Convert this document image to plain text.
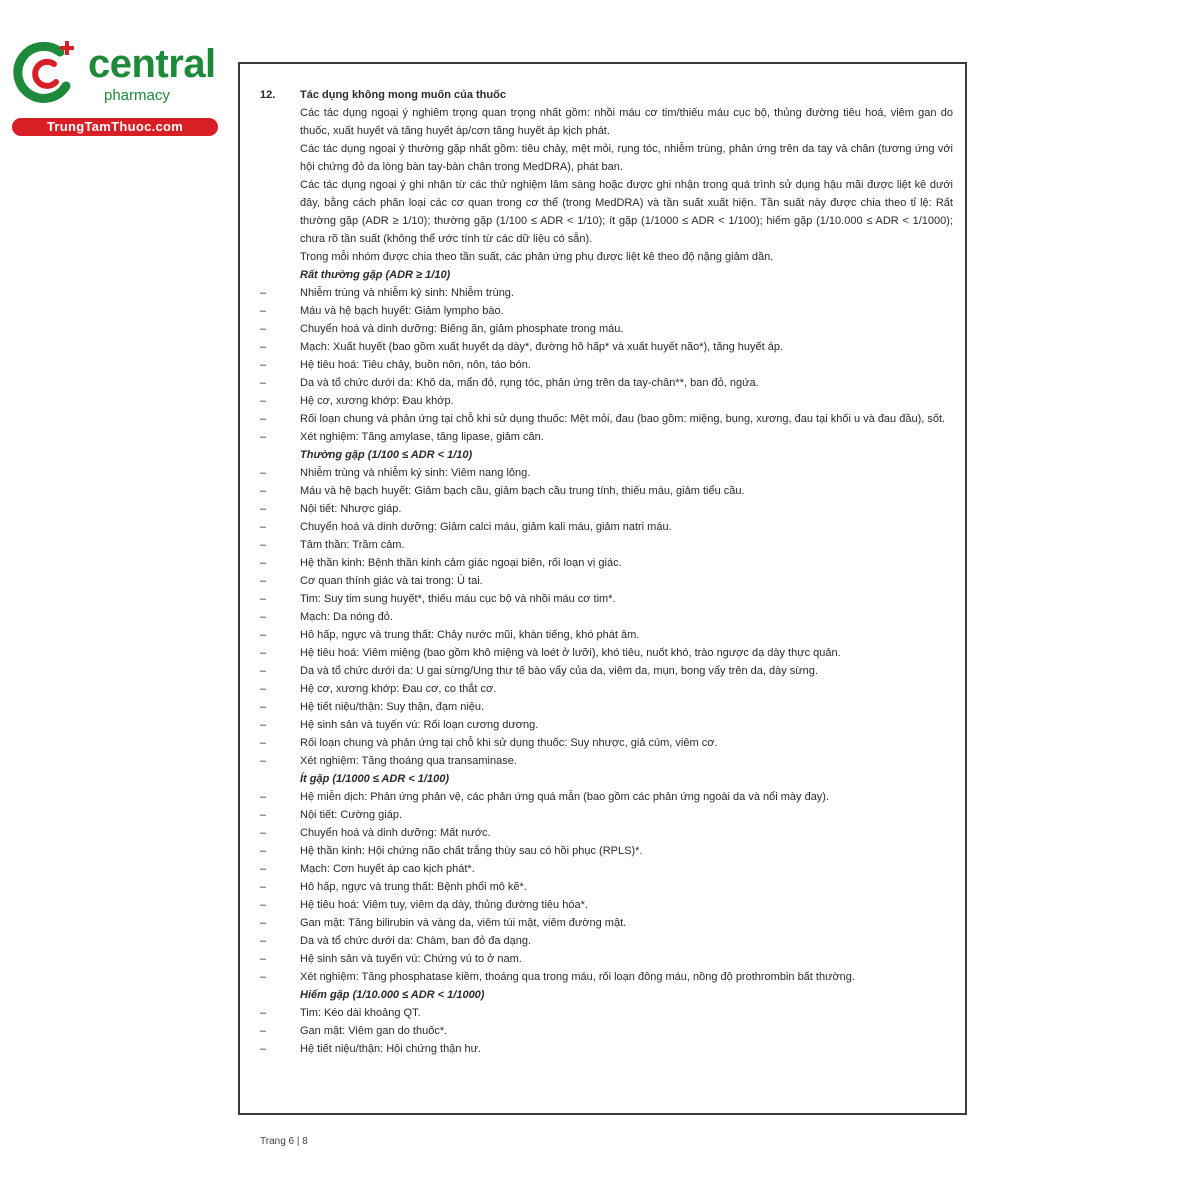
central
pharmacy
TrungTamThuoc.com
12. Tác dụng không mong muốn của thuốc
Các tác dụng ngoại ý nghiêm trọng quan trọng nhất gồm: nhồi máu cơ tim/thiếu máu cục bộ, thủng đường tiêu hoá, viêm gan do thuốc, xuất huyết và tăng huyết áp/cơn tăng huyết áp kịch phát.
Các tác dụng ngoại ý thường gặp nhất gồm: tiêu chảy, mệt mỏi, rụng tóc, nhiễm trùng, phản ứng trên da tay và chân (tương ứng với hội chứng đỏ da lòng bàn tay-bàn chân trong MedDRA), phát ban.
Các tác dụng ngoại ý ghi nhận từ các thử nghiệm lâm sàng hoặc được ghi nhận trong quá trình sử dụng hậu mãi được liệt kê dưới đây, bằng cách phân loại các cơ quan trong cơ thể (trong MedDRA) và tần suất xuất hiện. Tần suất này được chia theo tỉ lệ: Rất thường gặp (ADR ≥ 1/10); thường gặp (1/100 ≤ ADR < 1/10); ít gặp (1/1000 ≤ ADR < 1/100); hiếm gặp (1/10.000 ≤ ADR < 1/1000); chưa rõ tần suất (không thể ước tính từ các dữ liệu có sẵn).
Trong mỗi nhóm được chia theo tần suất, các phản ứng phụ được liệt kê theo độ nặng giảm dần.
Rất thường gặp (ADR ≥ 1/10)
–	Nhiễm trùng và nhiễm ký sinh: Nhiễm trùng.
–	Máu và hệ bạch huyết: Giảm lympho bào.
–	Chuyển hoá và dinh dưỡng: Biếng ăn, giảm phosphate trong máu.
–	Mạch: Xuất huyết (bao gồm xuất huyết dạ dày*, đường hô hấp* và xuất huyết não*), tăng huyết áp.
–	Hệ tiêu hoá: Tiêu chảy, buồn nôn, nôn, táo bón.
–	Da và tổ chức dưới da: Khô da, mẩn đỏ, rụng tóc, phản ứng trên da tay-chân**, ban đỏ, ngứa.
–	Hệ cơ, xương khớp: Đau khớp.
–	Rối loạn chung và phản ứng tại chỗ khi sử dụng thuốc: Mệt mỏi, đau (bao gồm: miệng, bụng, xương, đau tại khối u và đau đầu), sốt.
–	Xét nghiệm: Tăng amylase, tăng lipase, giảm cân.
Thường gặp (1/100 ≤ ADR < 1/10)
–	Nhiễm trùng và nhiễm ký sinh: Viêm nang lông.
–	Máu và hệ bạch huyết: Giảm bạch cầu, giảm bạch cầu trung tính, thiếu máu, giảm tiểu cầu.
–	Nội tiết: Nhược giáp.
–	Chuyển hoá và dinh dưỡng: Giảm calci máu, giảm kali máu, giảm natri máu.
–	Tâm thần: Trầm cảm.
–	Hệ thần kinh: Bệnh thần kinh cảm giác ngoại biên, rối loạn vị giác.
–	Cơ quan thính giác và tai trong: Ù tai.
–	Tim: Suy tim sung huyết*, thiếu máu cục bộ và nhồi máu cơ tim*.
–	Mạch: Da nóng đỏ.
–	Hô hấp, ngực và trung thất: Chảy nước mũi, khàn tiếng, khó phát âm.
–	Hệ tiêu hoá: Viêm miệng (bao gồm khô miệng và loét ở lưỡi), khó tiêu, nuốt khó, trào ngược dạ dày thực quản.
–	Da và tổ chức dưới da: U gai sừng/Ung thư tế bào vẩy của da, viêm da, mụn, bong vẩy trên da, dày sừng.
–	Hệ cơ, xương khớp: Đau cơ, co thắt cơ.
–	Hệ tiết niệu/thận: Suy thận, đạm niệu.
–	Hệ sinh sản và tuyến vú: Rối loạn cương dương.
–	Rối loạn chung và phản ứng tại chỗ khi sử dụng thuốc: Suy nhược, giả cúm, viêm cơ.
–	Xét nghiệm: Tăng thoáng qua transaminase.
Ít gặp (1/1000 ≤ ADR < 1/100)
–	Hệ miễn dịch: Phản ứng phản vệ, các phản ứng quá mẫn (bao gồm các phản ứng ngoài da và nổi mày đay).
–	Nội tiết: Cường giáp.
–	Chuyển hoá và dinh dưỡng: Mất nước.
–	Hệ thần kinh: Hội chứng não chất trắng thùy sau có hồi phục (RPLS)*.
–	Mạch: Cơn huyết áp cao kịch phát*.
–	Hô hấp, ngực và trung thất: Bệnh phổi mô kẽ*.
–	Hệ tiêu hoá: Viêm tuy, viêm dạ dày, thủng đường tiêu hóa*.
–	Gan mật: Tăng bilirubin và vàng da, viêm túi mật, viêm đường mật.
–	Da và tổ chức dưới da: Chàm, ban đỏ đa dạng.
–	Hệ sinh sản và tuyến vú: Chứng vú to ở nam.
–	Xét nghiệm: Tăng phosphatase kiềm, thoáng qua trong máu, rối loạn đông máu, nồng độ prothrombin bất thường.
Hiếm gặp (1/10.000 ≤ ADR < 1/1000)
–	Tim: Kéo dài khoảng QT.
–	Gan mật: Viêm gan do thuốc*.
–	Hệ tiết niệu/thận: Hội chứng thận hư.
Trang 6 | 8
